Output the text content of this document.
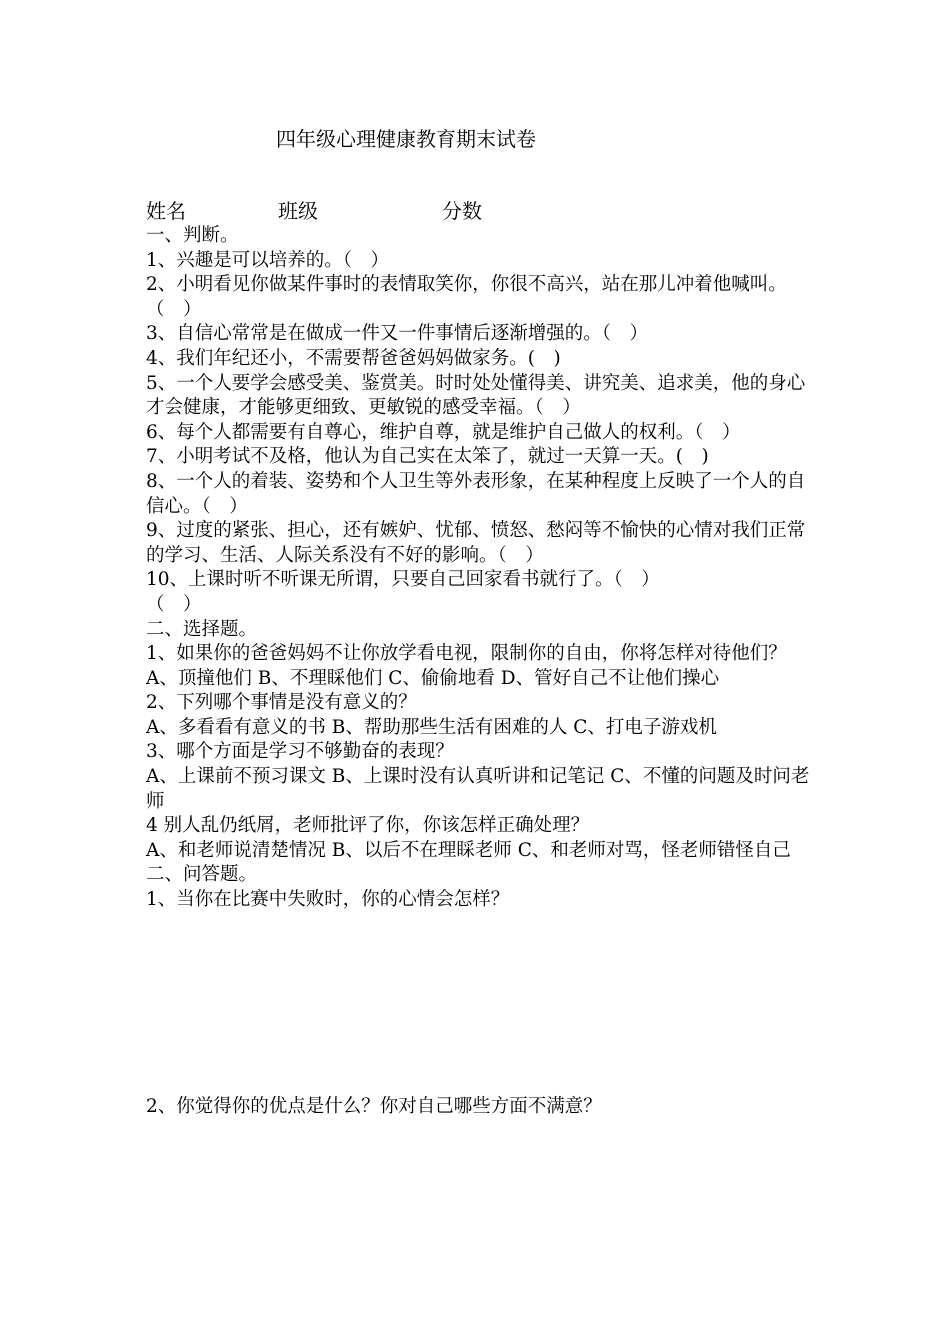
四年级心理健康教育期末试卷
姓名	班级	分数

一、判断。

1、兴趣是可以培养的。（　）

2、小明看见你做某件事时的表情取笑你，你很不高兴，站在那儿冲着他喊叫。（　）

3、自信心常常是在做成一件又一件事情后逐渐增强的。（　）

4、我们年纪还小，不需要帮爸爸妈妈做家务。(　)

5、一个人要学会感受美、鉴赏美。时时处处懂得美、讲究美、追求美，他的身心才会健康，才能够更细致、更敏锐的感受幸福。（　）

6、每个人都需要有自尊心，维护自尊，就是维护自己做人的权利。（　）

7、小明考试不及格，他认为自己实在太笨了，就过一天算一天。(　)

8、一个人的着装、姿势和个人卫生等外表形象，在某种程度上反映了一个人的自信心。（　）

9、过度的紧张、担心，还有嫉妒、忧郁、愤怒、愁闷等不愉快的心情对我们正常的学习、生活、人际关系没有不好的影响。（　）

10、上课时听不听课无所谓，只要自己回家看书就行了。（　）

（　）

二、选择题。

1、如果你的爸爸妈妈不让你放学看电视，限制你的自由，你将怎样对待他们？

A、顶撞他们 B、不理睬他们 C、偷偷地看 D、管好自己不让他们操心

2、下列哪个事情是没有意义的？

A、多看看有意义的书 B、帮助那些生活有困难的人 C、打电子游戏机

3、哪个方面是学习不够勤奋的表现？

A、上课前不预习课文 B、上课时没有认真听讲和记笔记 C、不懂的问题及时问老师

4 别人乱仍纸屑，老师批评了你，你该怎样正确处理？

A、和老师说清楚情况 B、以后不在理睬老师 C、和老师对骂，怪老师错怪自己

二、问答题。

1、当你在比赛中失败时，你的心情会怎样？

2、你觉得你的优点是什么？你对自己哪些方面不满意？
